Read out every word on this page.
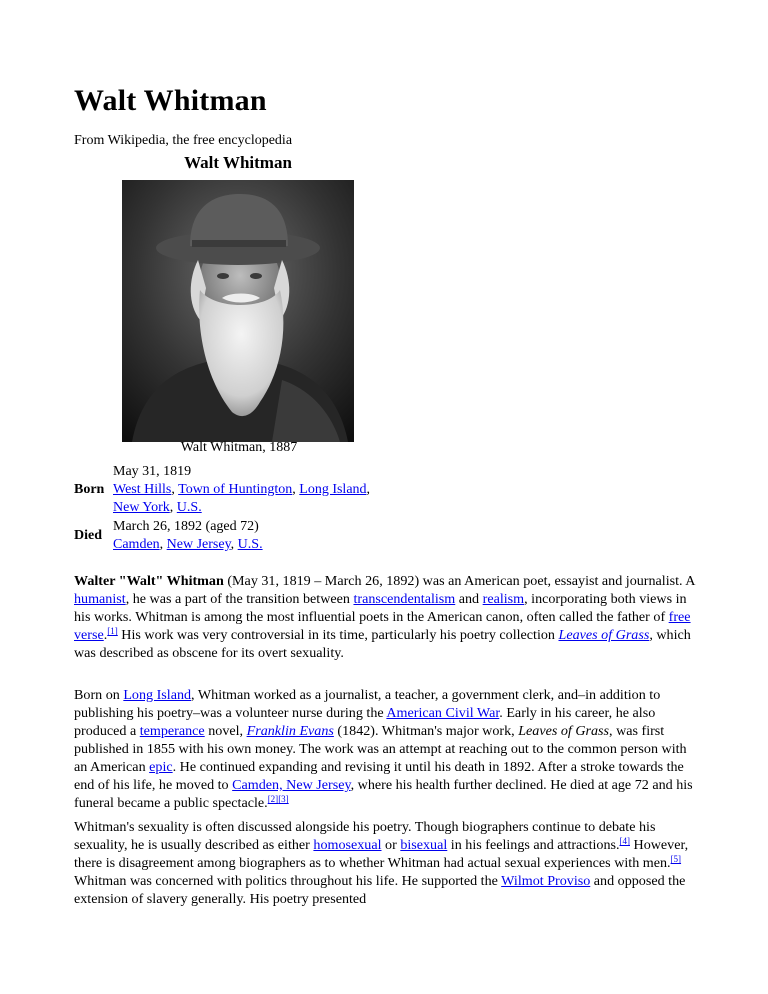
Walt Whitman
From Wikipedia, the free encyclopedia
Walt Whitman
Walt Whitman, 1887
Born
May 31, 1819
West Hills, Town of Huntington, Long Island,
New York, U.S.
Died
March 26, 1892 (aged 72)
Camden, New Jersey, U.S.

Walter "Walt" Whitman (May 31, 1819 – March 26, 1892) was an American poet, essayist and journalist. A humanist, he was a part of the transition between transcendentalism and realism, incorporating both views in his works. Whitman is among the most influential poets in the American canon, often called the father of free verse.[1] His work was very controversial in its time, particularly his poetry collection Leaves of Grass, which was described as obscene for its overt sexuality.

Born on Long Island, Whitman worked as a journalist, a teacher, a government clerk, and–in addition to publishing his poetry–was a volunteer nurse during the American Civil War. Early in his career, he also produced a temperance novel, Franklin Evans (1842). Whitman's major work, Leaves of Grass, was first published in 1855 with his own money. The work was an attempt at reaching out to the common person with an American epic. He continued expanding and revising it until his death in 1892. After a stroke towards the end of his life, he moved to Camden, New Jersey, where his health further declined. He died at age 72 and his funeral became a public spectacle.[2][3]

Whitman's sexuality is often discussed alongside his poetry. Though biographers continue to debate his sexuality, he is usually described as either homosexual or bisexual in his feelings and attractions.[4] However, there is disagreement among biographers as to whether Whitman had actual sexual experiences with men.[5] Whitman was concerned with politics throughout his life. He supported the Wilmot Proviso and opposed the extension of slavery generally. His poetry presented
